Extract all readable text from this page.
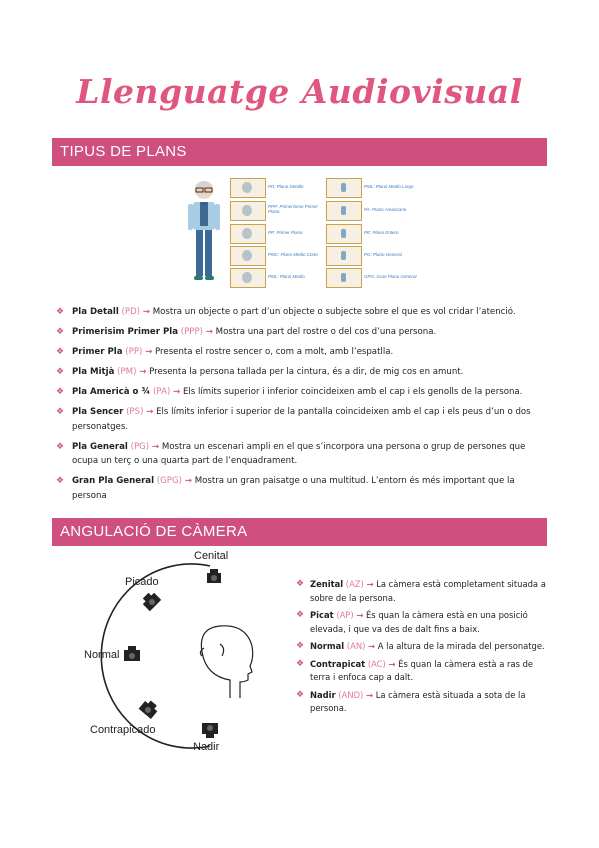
Llenguatge Audiovisual
TIPUS DE PLANS
PD: Plano Detalle
PPP: Primerísimo Primer Plano
PP: Primer Plano
PMC: Plano Medio Corto
PML: Plano Medio
PML: Plano Medio Largo
PA: Plano Americano
PE: Plano Entero
PG: Plano General
GPG: Gran Plano General
❖ Pla Detall (PD) → Mostra un objecte o part d’un objecte o subjecte sobre el que es vol cridar l’atenció.
❖ Primerisim Primer Pla (PPP) → Mostra una part del rostre o del cos d’una persona.
❖ Primer Pla (PP) → Presenta el rostre sencer o, com a molt, amb l’espatlla.
❖ Pla Mitjà (PM) → Presenta la persona tallada per la cintura, és a dir, de mig cos en amunt.
❖ Pla Americà o ¾ (PA) → Els límits superior i inferior coincideixen amb el cap i els genolls de la persona.
❖ Pla Sencer (PS) → Els límits inferior i superior de la pantalla coincideixen amb el cap i els peus d’un o dos personatges.
❖ Pla General (PG) → Mostra un escenari ampli en el que s’incorpora una persona o grup de persones que ocupa un terç o una quarta part de l’enquadrament.
❖ Gran Pla General (GPG) → Mostra un gran paisatge o una multitud. L’entorn és més important que la persona
ANGULACIÓ DE CÀMERA
Cenital
Picado
Normal
Contrapicado
Nadir
❖ Zenital (AZ) → La càmera està completament situada a sobre de la persona.
❖ Picat (AP) → És quan la càmera està en una posició elevada, i que va des de dalt fins a baix.
❖ Normal (AN) → A la altura de la mirada del personatge.
❖ Contrapicat (AC) → És quan la càmera està a ras de terra i enfoca cap a dalt.
❖ Nadir (AND) → La càmera està situada a sota de la persona.
